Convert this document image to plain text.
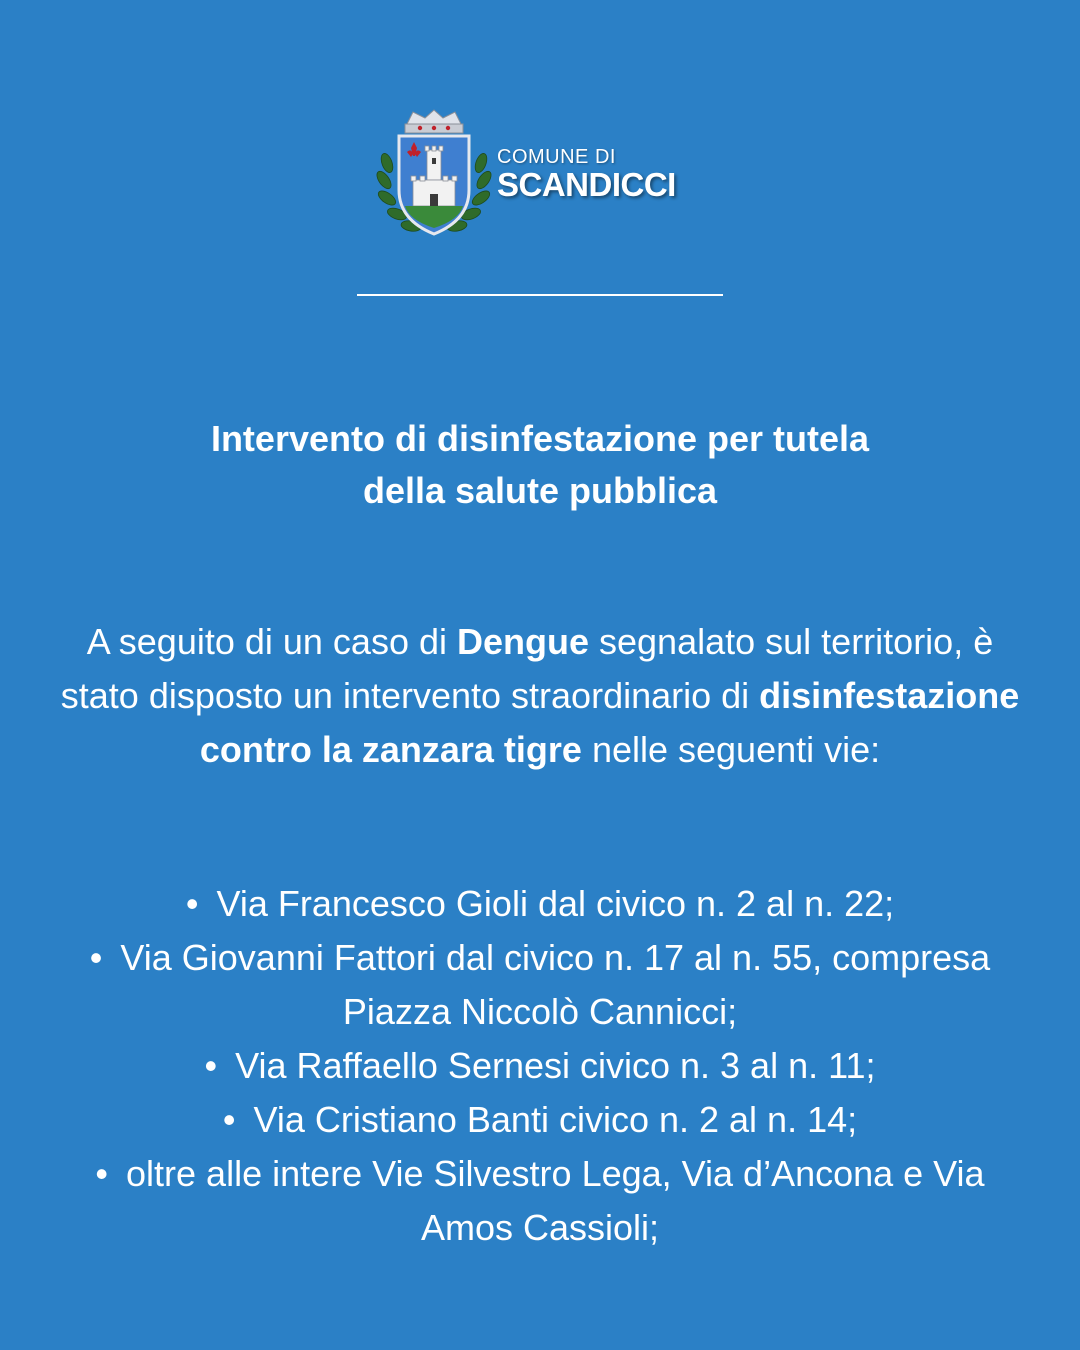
COMUNE DI
SCANDICCI
Intervento di disinfestazione per tutela
della salute pubblica

A seguito di un caso di Dengue segnalato sul territorio, è stato disposto un intervento straordinario di disinfestazione contro la zanzara tigre nelle seguenti vie:

• Via Francesco Gioli dal civico n. 2 al n. 22;
• Via Giovanni Fattori dal civico n. 17 al n. 55, compresa Piazza Niccolò Cannicci;
• Via Raffaello Sernesi civico n. 3 al n. 11;
• Via Cristiano Banti civico n. 2 al n. 14;
• oltre alle intere Vie Silvestro Lega, Via d’Ancona e Via Amos Cassioli;
